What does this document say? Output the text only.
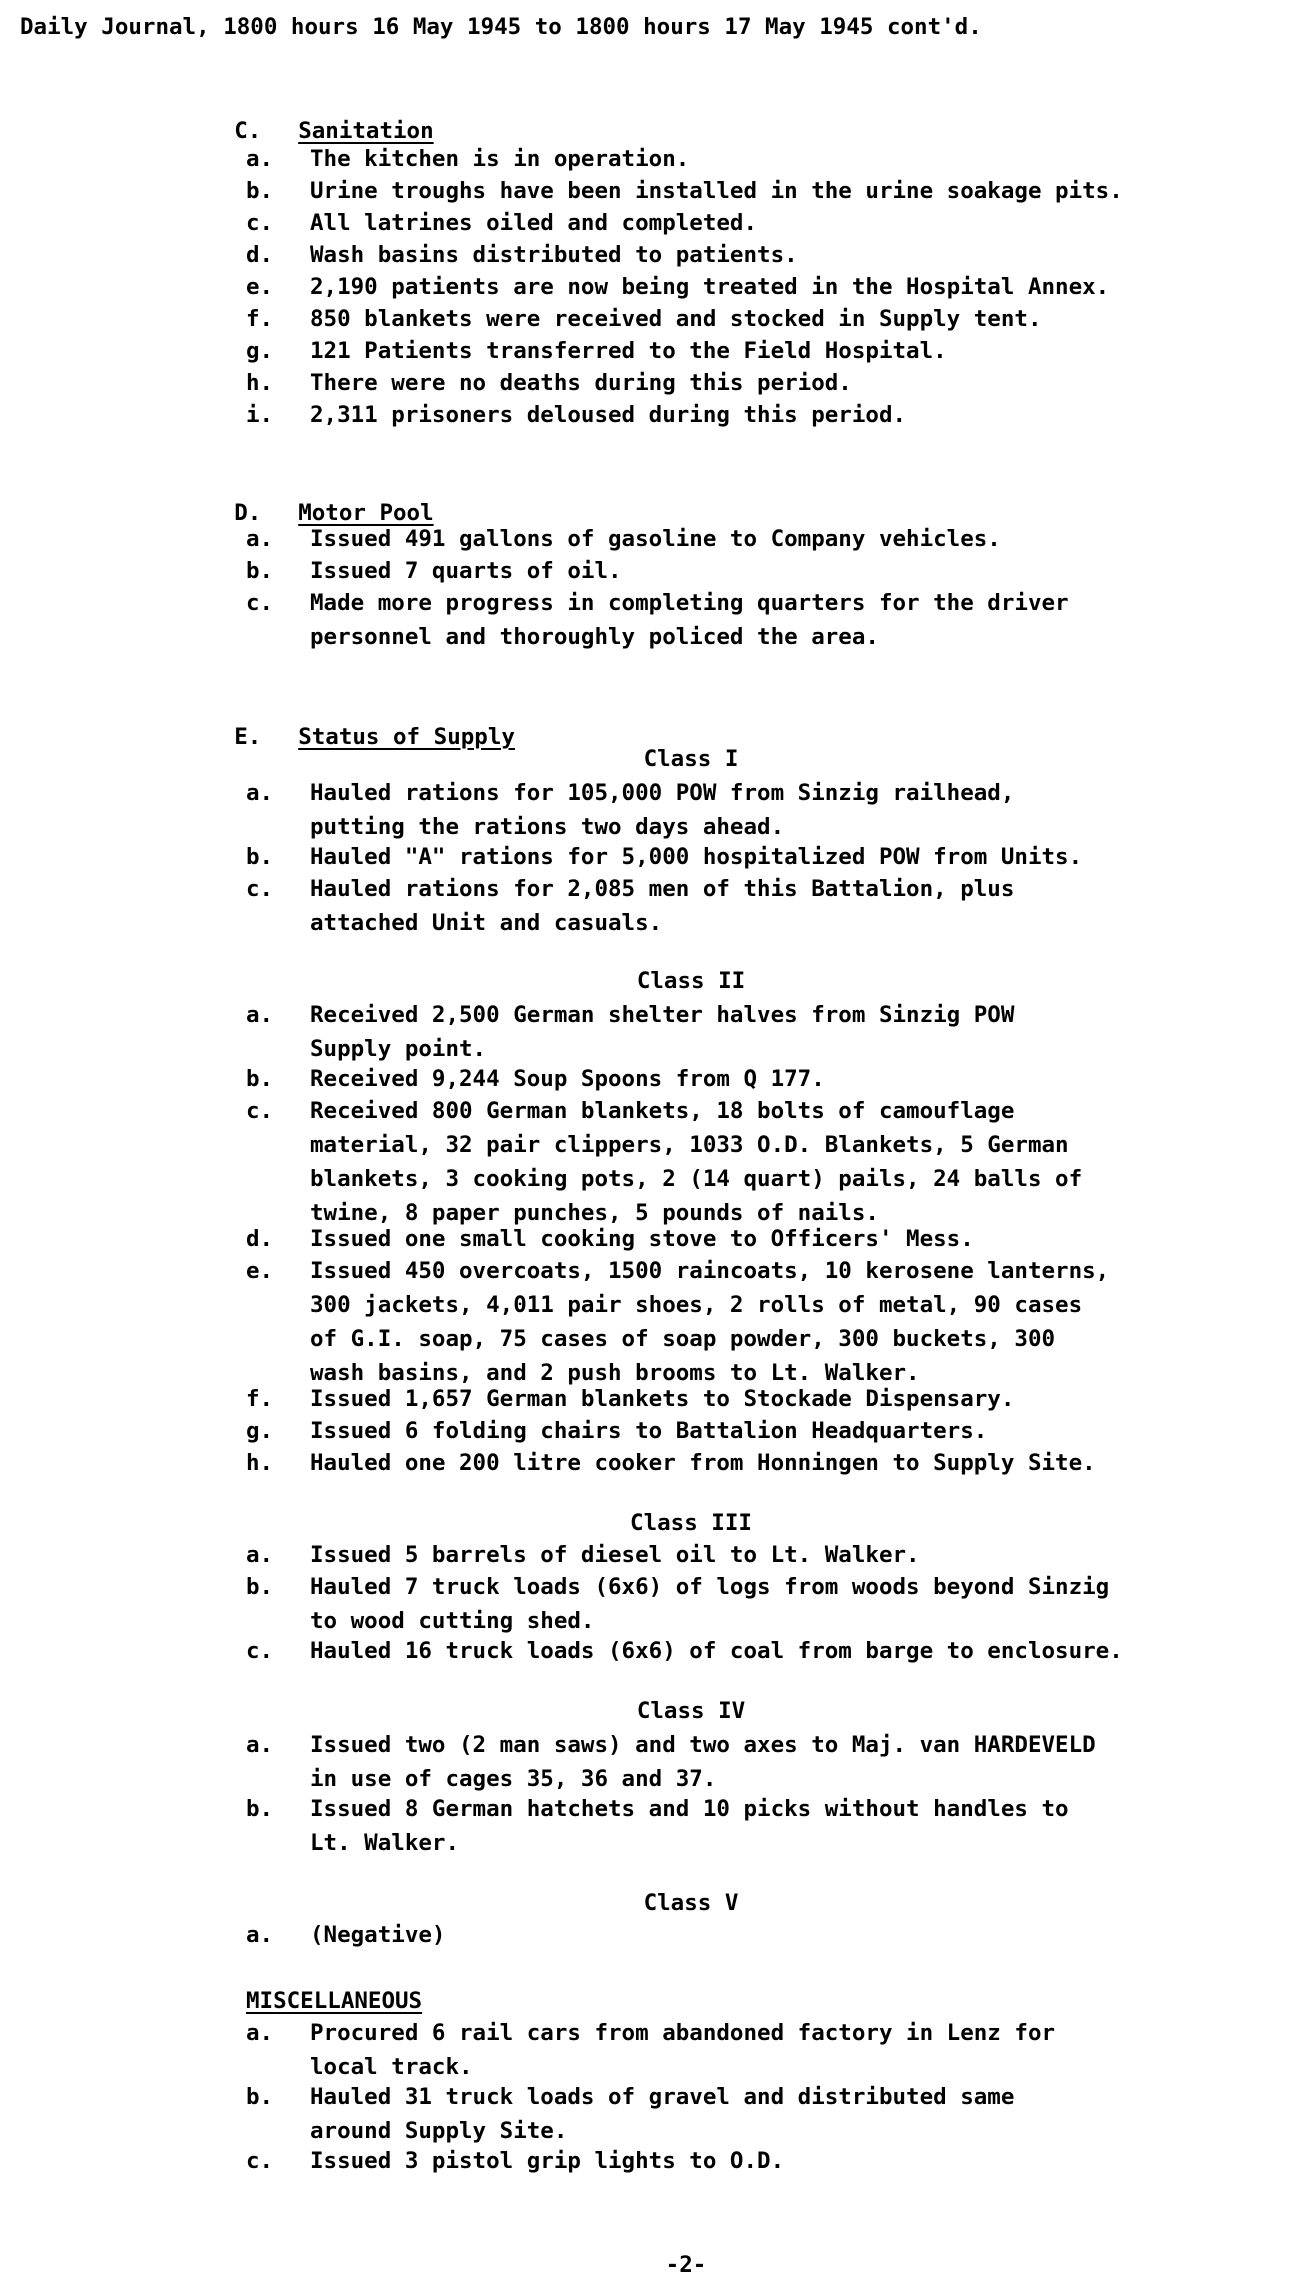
Daily Journal, 1800 hours 16 May 1945 to 1800 hours 17 May 1945 cont'd.

C. Sanitation

a.	The kitchen is in operation.
b.	Urine troughs have been installed in the urine soakage pits.
c.	All latrines oiled and completed.
d.	Wash basins distributed to patients.
e.	2,190 patients are now being treated in the Hospital Annex.
f.	850 blankets were received and stocked in Supply tent.
g.	121 Patients transferred to the Field Hospital.
h.	There were no deaths during this period.
i.	2,311 prisoners deloused during this period.

D. Motor Pool

a.	Issued 491 gallons of gasoline to Company vehicles.
b.	Issued 7 quarts of oil.
c.	Made more progress in completing quarters for the driver
personnel and thoroughly policed the area.

E. Status of Supply

Class I
a.	Hauled rations for 105,000 POW from Sinzig railhead,
putting the rations two days ahead.
b.	Hauled "A" rations for 5,000 hospitalized POW from Units.
c.	Hauled rations for 2,085 men of this Battalion, plus
attached Unit and casuals.
Class II
a.	Received 2,500 German shelter halves from Sinzig POW
Supply point.
b.	Received 9,244 Soup Spoons from Q 177.
c.	Received 800 German blankets, 18 bolts of camouflage
material, 32 pair clippers, 1033 O.D. Blankets, 5 German
blankets, 3 cooking pots, 2 (14 quart) pails, 24 balls of
twine, 8 paper punches, 5 pounds of nails.
d.	Issued one small cooking stove to Officers' Mess.
e.	Issued 450 overcoats, 1500 raincoats, 10 kerosene lanterns,
300 jackets, 4,011 pair shoes, 2 rolls of metal, 90 cases
of G.I. soap, 75 cases of soap powder, 300 buckets, 300
wash basins, and 2 push brooms to Lt. Walker.
f.	Issued 1,657 German blankets to Stockade Dispensary.
g.	Issued 6 folding chairs to Battalion Headquarters.
h.	Hauled one 200 litre cooker from Honningen to Supply Site.
Class III
a.	Issued 5 barrels of diesel oil to Lt. Walker.
b.	Hauled 7 truck loads (6x6) of logs from woods beyond Sinzig
to wood cutting shed.
c.	Hauled 16 truck loads (6x6) of coal from barge to enclosure.
Class IV
a.	Issued two (2 man saws) and two axes to Maj. van HARDEVELD
in use of cages 35, 36 and 37.
b.	Issued 8 German hatchets and 10 picks without handles to
Lt. Walker.
Class V
a.	(Negative)
MISCELLANEOUS
a.	Procured 6 rail cars from abandoned factory in Lenz for
local track.
b.	Hauled 31 truck loads of gravel and distributed same
around Supply Site.
c.	Issued 3 pistol grip lights to O.D.
-2-
